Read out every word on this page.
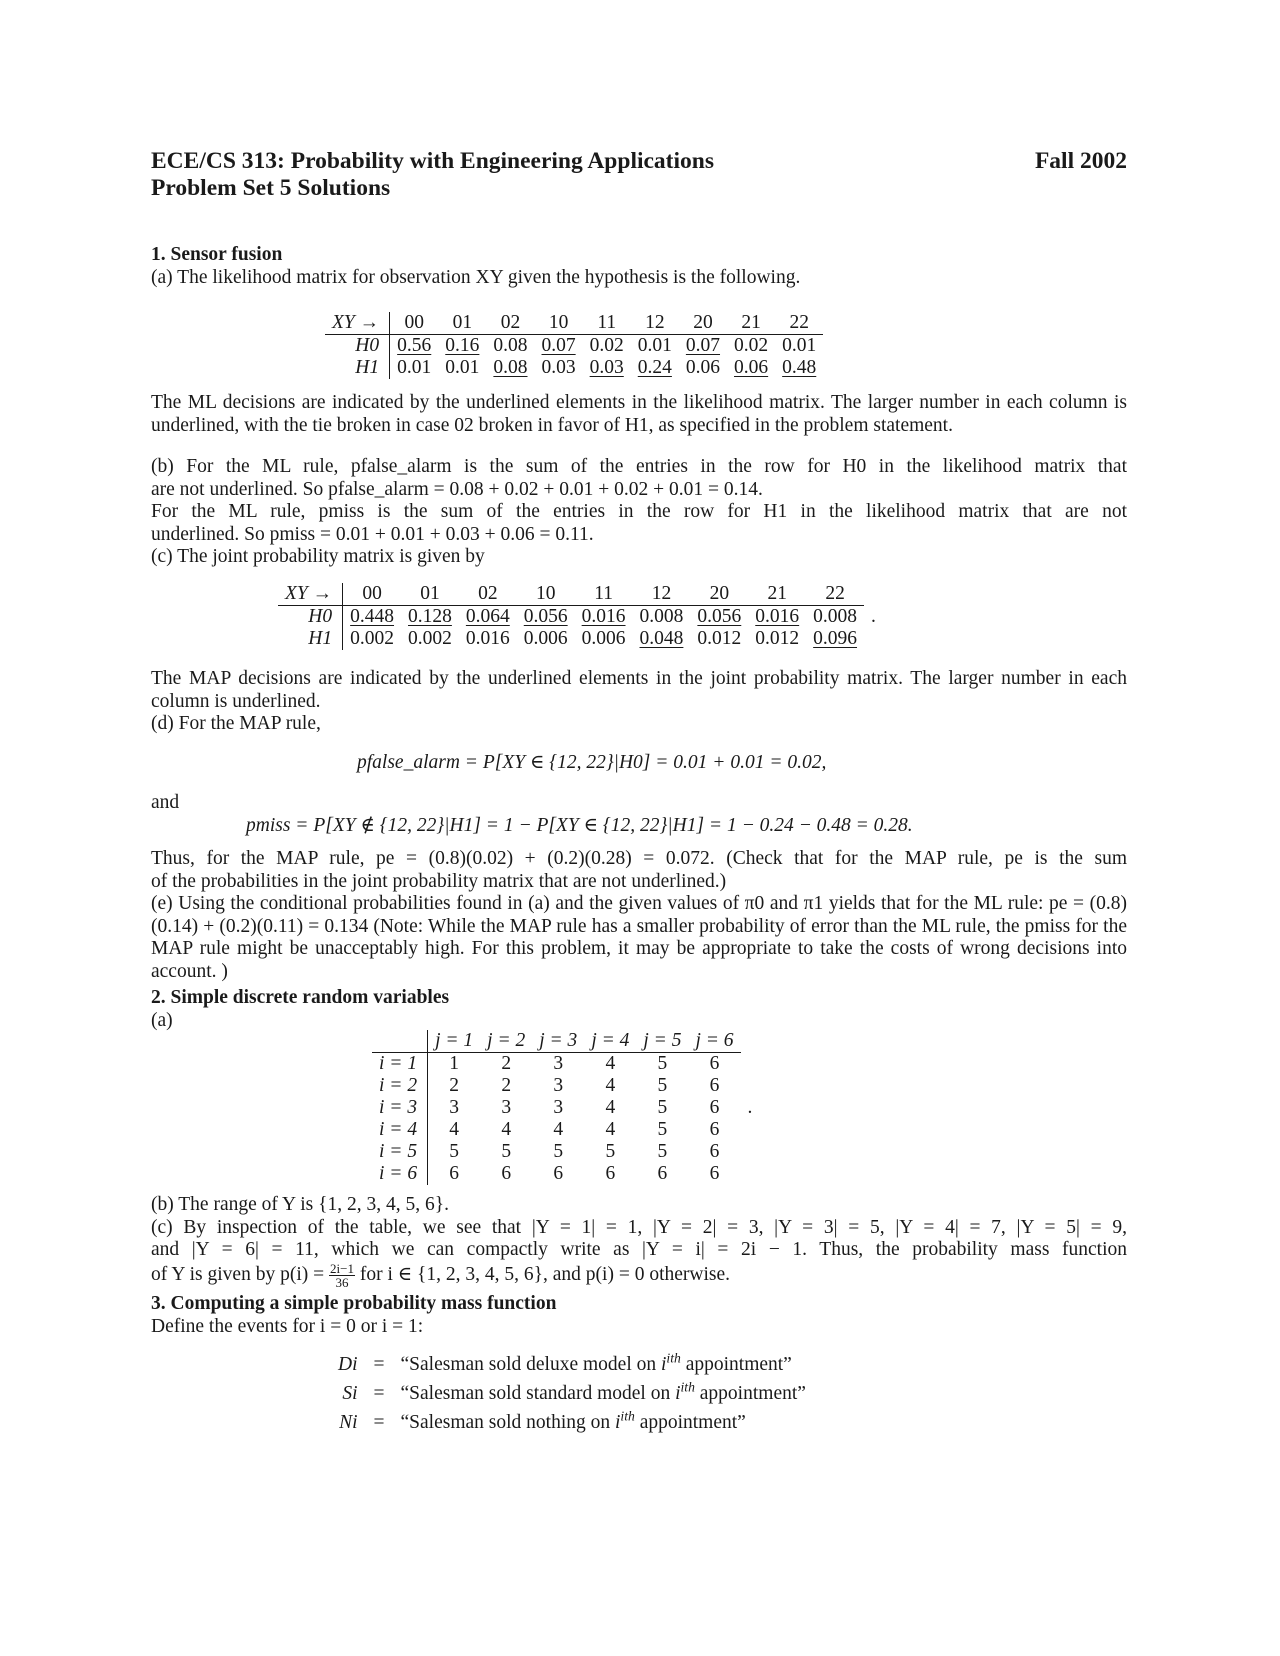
ECE/CS 313: Probability with Engineering Applications
Problem Set 5 Solutions
Fall 2002
1. Sensor fusion
(a) The likelihood matrix for observation XY given the hypothesis is the following.
XY →	00	01	02	10	11	12	20	21	22
H0	0.56	0.16	0.08	0.07	0.02	0.01	0.07	0.02	0.01
H1	0.01	0.01	0.08	0.03	0.03	0.24	0.06	0.06	0.48
The ML decisions are indicated by the underlined elements in the likelihood matrix. The larger number in each column is underlined, with the tie broken in case 02 broken in favor of H1, as specified in the problem statement.
(b) For the ML rule, pfalse_alarm is the sum of the entries in the row for H0 in the likelihood matrix that
are not underlined. So pfalse_alarm = 0.08 + 0.02 + 0.01 + 0.02 + 0.01 = 0.14.
For the ML rule, pmiss is the sum of the entries in the row for H1 in the likelihood matrix that are not
underlined. So pmiss = 0.01 + 0.01 + 0.03 + 0.06 = 0.11.
(c) The joint probability matrix is given by
XY →	00	01	02	10	11	12	20	21	22	
H0	0.448	0.128	0.064	0.056	0.016	0.008	0.056	0.016	0.008	.
H1	0.002	0.002	0.016	0.006	0.006	0.048	0.012	0.012	0.096	
The MAP decisions are indicated by the underlined elements in the joint probability matrix. The larger number in each column is underlined.
(d) For the MAP rule,
pfalse_alarm = P[XY ∈ {12, 22}|H0] = 0.01 + 0.01 = 0.02,
and
pmiss = P[XY ∉ {12, 22}|H1] = 1 − P[XY ∈ {12, 22}|H1] = 1 − 0.24 − 0.48 = 0.28.
Thus, for the MAP rule, pe = (0.8)(0.02) + (0.2)(0.28) = 0.072. (Check that for the MAP rule, pe is the sum
of the probabilities in the joint probability matrix that are not underlined.)
(e) Using the conditional probabilities found in (a) and the given values of π0 and π1 yields that for the ML rule: pe = (0.8)(0.14) + (0.2)(0.11) = 0.134 (Note: While the MAP rule has a smaller probability of error than the ML rule, the pmiss for the MAP rule might be unacceptably high. For this problem, it may be appropriate to take the costs of wrong decisions into account. )
2. Simple discrete random variables
(a)
	j = 1	j = 2	j = 3	j = 4	j = 5	j = 6	
i = 1	1	2	3	4	5	6	
i = 2	2	2	3	4	5	6	
i = 3	3	3	3	4	5	6	.
i = 4	4	4	4	4	5	6	
i = 5	5	5	5	5	5	6	
i = 6	6	6	6	6	6	6	
(b) The range of Y is {1, 2, 3, 4, 5, 6}.
(c) By inspection of the table, we see that |Y = 1| = 1, |Y = 2| = 3, |Y = 3| = 5, |Y = 4| = 7, |Y = 5| = 9,
and |Y = 6| = 11, which we can compactly write as |Y = i| = 2i − 1. Thus, the probability mass function
of Y is given by $p(i) = \frac{2i-1}{36}$ for i ∈ {1, 2, 3, 4, 5, 6}, and p(i) = 0 otherwise.
3. Computing a simple probability mass function
Define the events for i = 0 or i = 1:
Di	=	“Salesman sold deluxe model on $i^{ith}$ appointment”
Si	=	“Salesman sold standard model on $i^{ith}$ appointment”
Ni	=	“Salesman sold nothing on $i^{ith}$ appointment”
